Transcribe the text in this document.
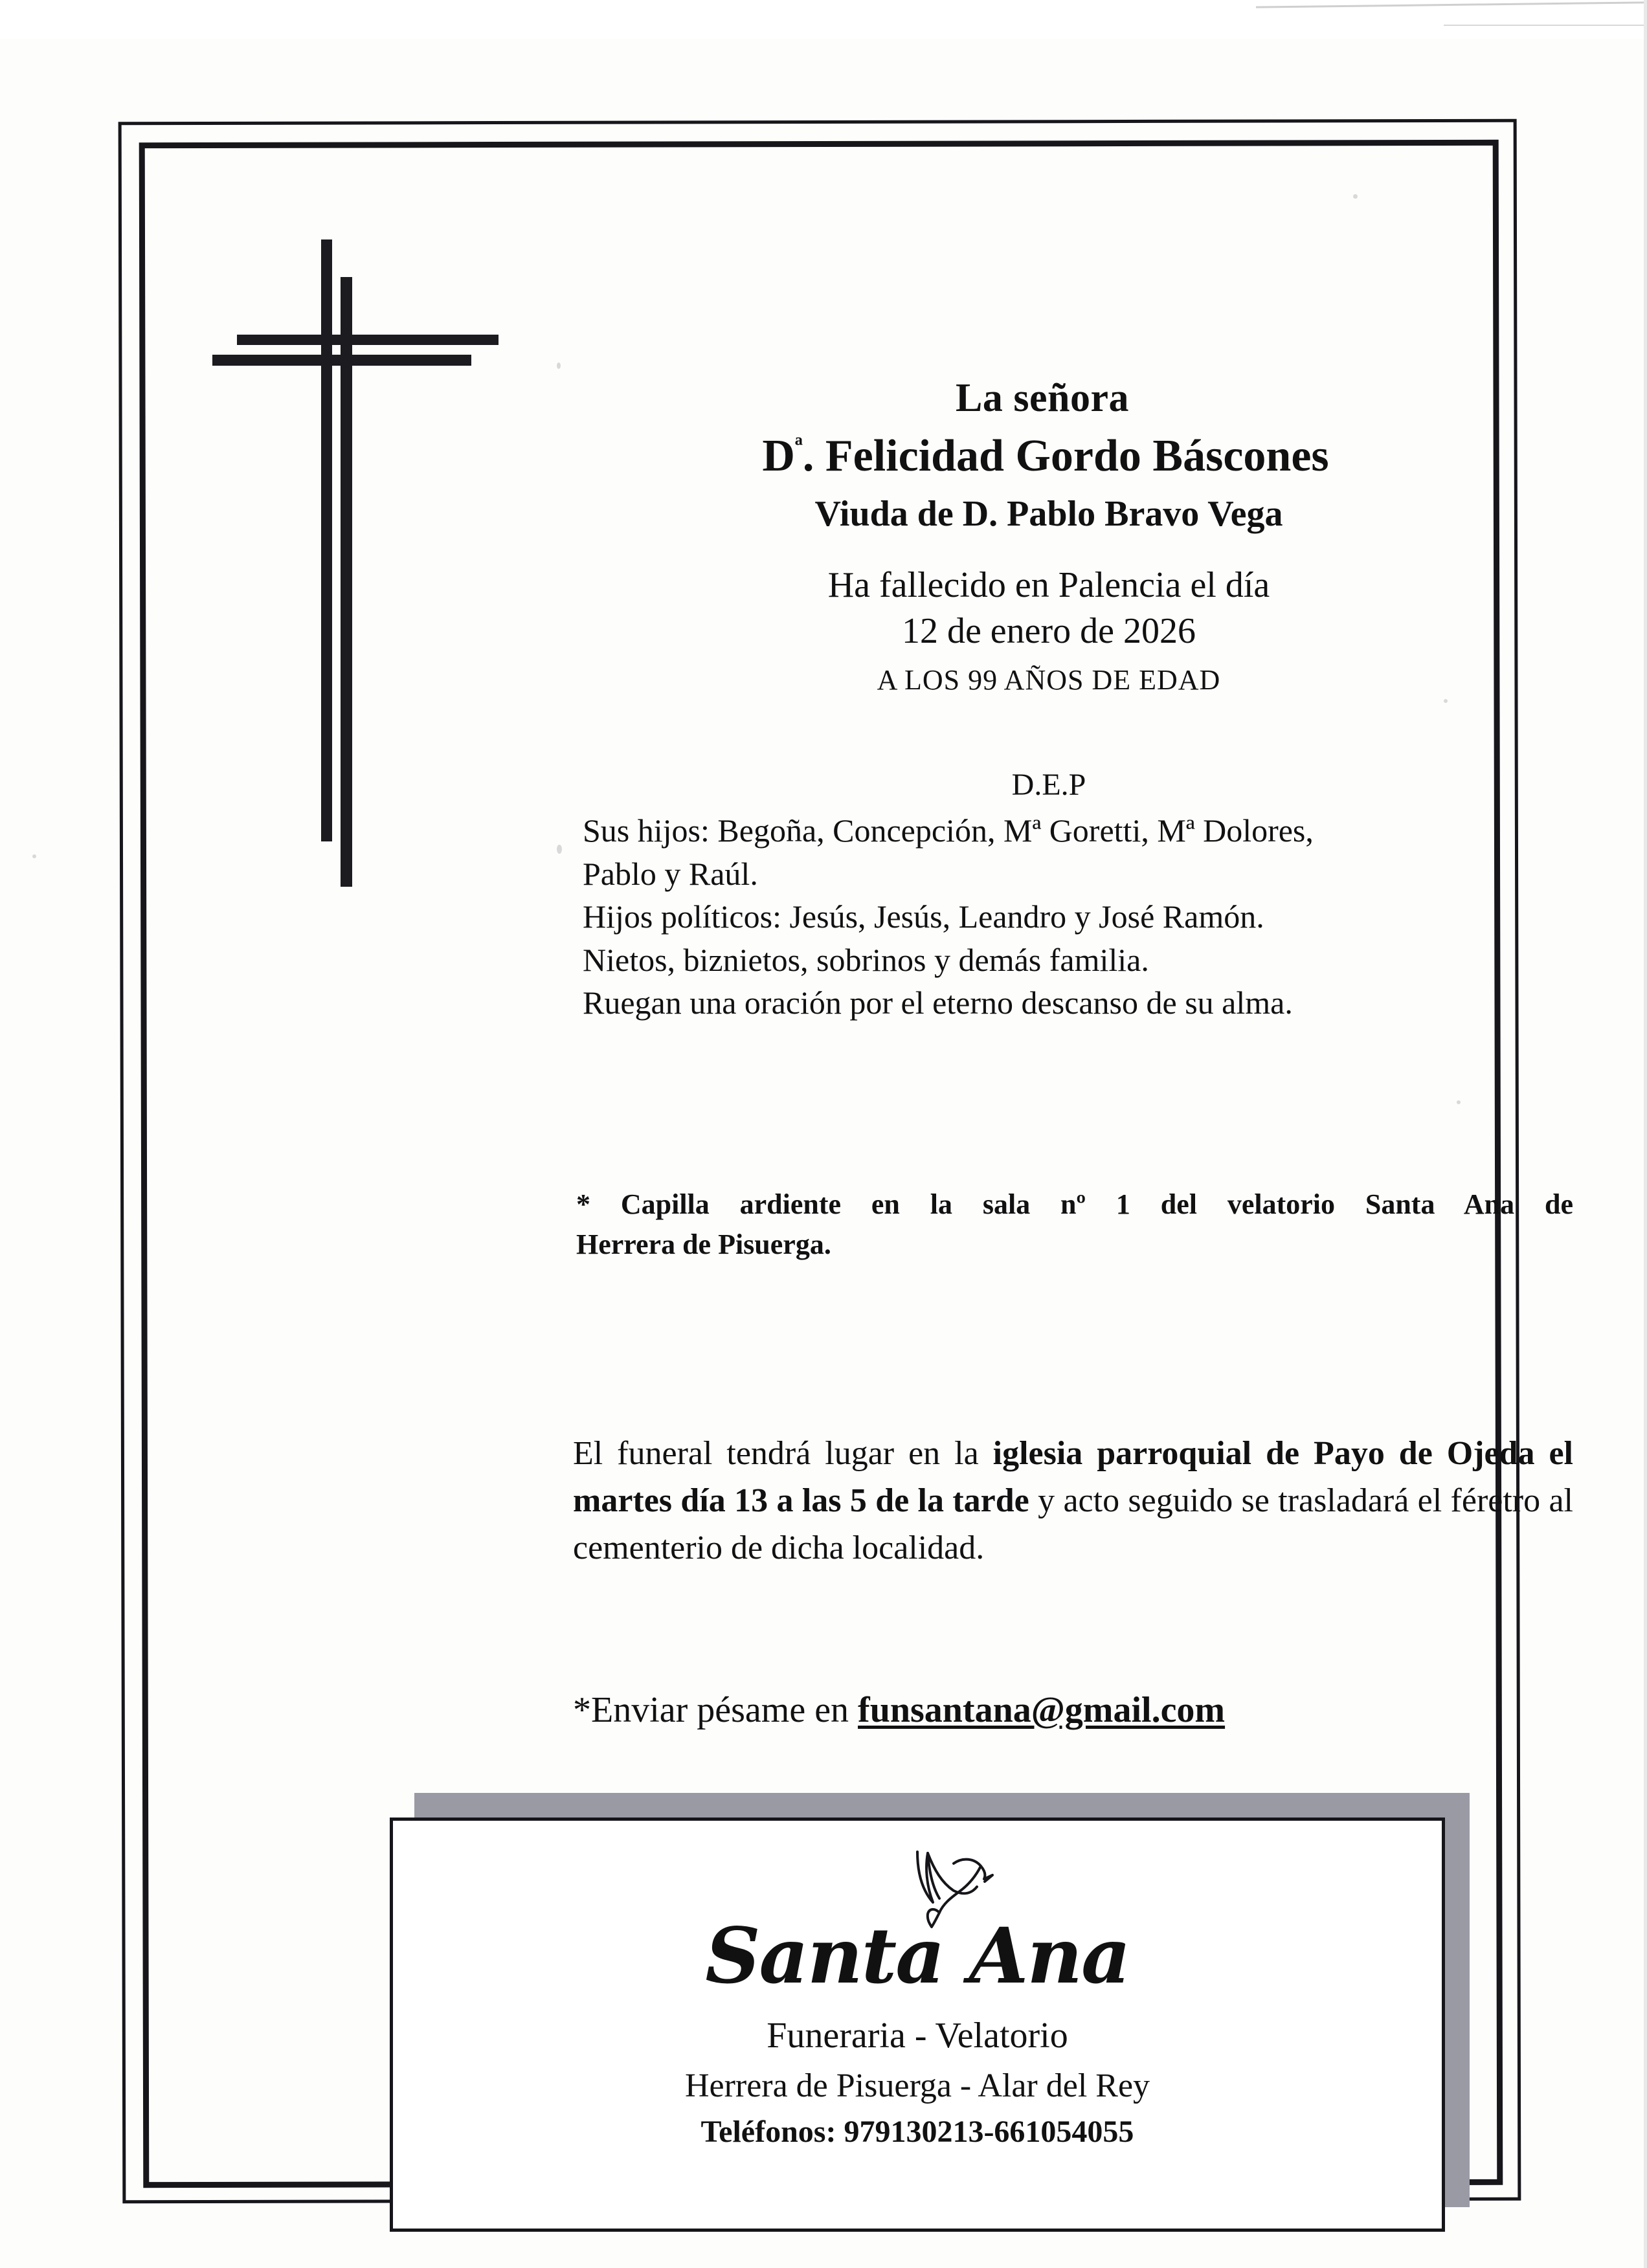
La señora
$D^ª$. Felicidad Gordo Báscones
Viuda de D. Pablo Bravo Vega
Ha fallecido en Palencia el día
12 de enero de 2026
A LOS 99 AÑOS DE EDAD
D.E.P
Sus hijos: Begoña, Concepción, Mª Goretti, Mª Dolores,
Pablo y Raúl.
Hijos políticos: Jesús, Jesús, Leandro y José Ramón.
Nietos, biznietos, sobrinos y demás familia.
Ruegan una oración por el eterno descanso de su alma.
* Capilla ardiente en la sala nº 1 del velatorio Santa Ana de
Herrera de Pisuerga.
El funeral tendrá lugar en la iglesia parroquial de Payo de Ojeda el martes día 13 a las 5 de la tarde y acto seguido se trasladará el féretro al cementerio de dicha localidad.
*Enviar pésame en funsantana@gmail.com
Santa Ana
Funeraria - Velatorio
Herrera de Pisuerga - Alar del Rey
Teléfonos: 979130213-661054055
